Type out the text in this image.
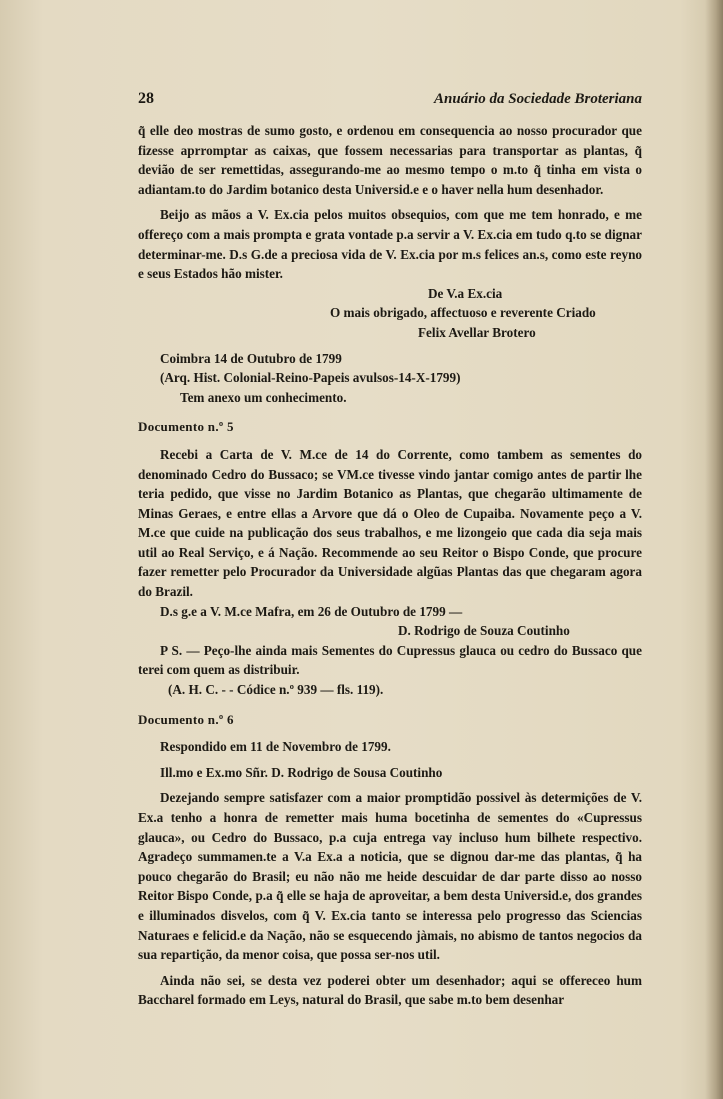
28	Anuário da Sociedade Broteriana

q̃ elle deo mostras de sumo gosto, e ordenou em consequencia ao nosso procurador que fizesse aprromptar as caixas, que fossem necessarias para transportar as plantas, q̃ devião de ser remettidas, assegurando-me ao mesmo tempo o m.to q̃ tinha em vista o adiantam.to do Jardim botanico desta Universid.e e o haver nella hum desenhador.

Beijo as mãos a V. Ex.cia pelos muitos obsequios, com que me tem honrado, e me offereço com a mais prompta e grata vontade p.a servir a V. Ex.cia em tudo q.to se dignar determinar-me. D.s G.de a preciosa vida de V. Ex.cia por m.s felices an.s, como este reyno e seus Estados hão mister.

De V.a Ex.cia

O mais obrigado, affectuoso e reverente Criado

Felix Avellar Brotero

Coimbra 14 de Outubro de 1799

(Arq. Hist. Colonial-Reino-Papeis avulsos-14-X-1799)

Tem anexo um conhecimento.

Documento n.º 5

Recebi a Carta de V. M.ce de 14 do Corrente, como tambem as sementes do denominado Cedro do Bussaco; se VM.ce tivesse vindo jantar comigo antes de partir lhe teria pedido, que visse no Jardim Botanico as Plantas, que chegarão ultimamente de Minas Geraes, e entre ellas a Arvore que dá o Oleo de Cupaiba. Novamente peço a V. M.ce que cuide na publicação dos seus trabalhos, e me lizongeio que cada dia seja mais util ao Real Serviço, e á Nação. Recommende ao seu Reitor o Bispo Conde, que procure fazer remetter pelo Procurador da Universidade algũas Plantas das que chegaram agora do Brazil.

D.s g.e a V. M.ce Mafra, em 26 de Outubro de 1799 —

D. Rodrigo de Souza Coutinho

P S. — Peço-lhe ainda mais Sementes do Cupressus glauca ou cedro do Bussaco que terei com quem as distribuir.

(A. H. C. - - Códice n.º 939 — fls. 119).

Documento n.º 6

Respondido em 11 de Novembro de 1799.

Ill.mo e Ex.mo Sñr. D. Rodrigo de Sousa Coutinho

Dezejando sempre satisfazer com a maior promptidão possivel às determições de V. Ex.a tenho a honra de remetter mais huma bocetinha de sementes do «Cupressus glauca», ou Cedro do Bussaco, p.a cuja entrega vay incluso hum bilhete respectivo. Agradeço summamen.te a V.a Ex.a a noticia, que se dignou dar-me das plantas, q̃ ha pouco chegarão do Brasil; eu não não me heide descuidar de dar parte disso ao nosso Reitor Bispo Conde, p.a q̃ elle se haja de aproveitar, a bem desta Universid.e, dos grandes e illuminados disvelos, com q̃ V. Ex.cia tanto se interessa pelo progresso das Sciencias Naturaes e felicid.e da Nação, não se esquecendo jàmais, no abismo de tantos negocios da sua repartição, da menor coisa, que possa ser-nos util.

Ainda não sei, se desta vez poderei obter um desenhador; aqui se offereceo hum Baccharel formado em Leys, natural do Brasil, que sabe m.to bem desenhar
